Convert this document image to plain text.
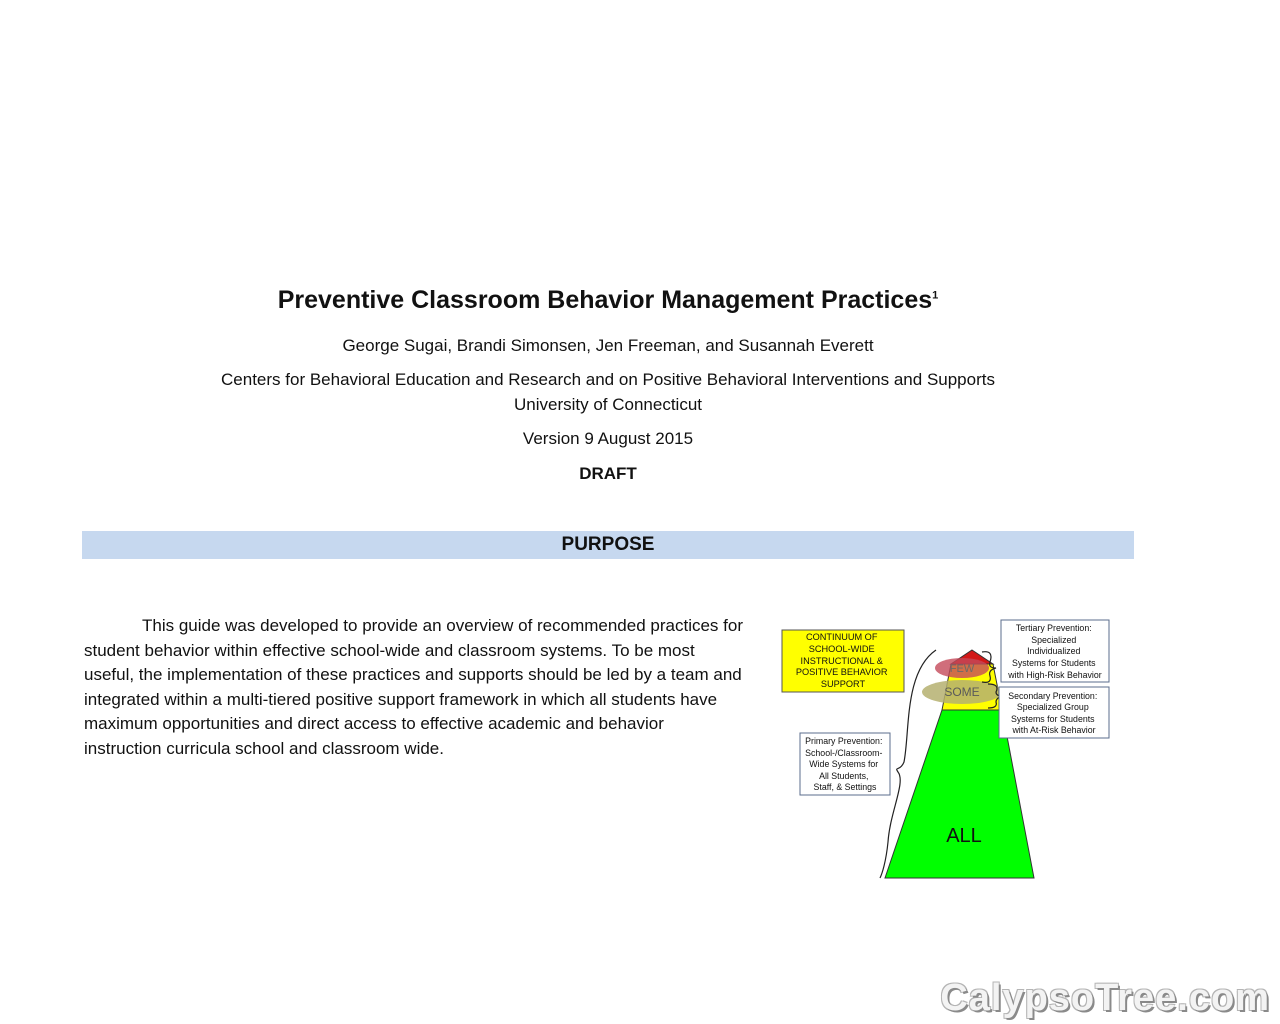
Preventive Classroom Behavior Management Practices$^1$

George Sugai, Brandi Simonsen, Jen Freeman, and Susannah Everett

Centers for Behavioral Education and Research and on Positive Behavioral Interventions and Supports

University of Connecticut

Version 9 August 2015

DRAFT

PURPOSE

This guide was developed to provide an overview of recommended practices for student behavior within effective school-wide and classroom systems. To be most useful, the implementation of these practices and supports should be led by a team and integrated within a multi-tiered positive support framework in which all students have maximum opportunities and direct access to effective academic and behavior instruction curricula school and classroom wide.

CONTINUUM OF SCHOOL-WIDE INSTRUCTIONAL & POSITIVE BEHAVIOR SUPPORT
FEW
SOME
ALL
Tertiary Prevention: Specialized Individualized Systems for Students with High-Risk Behavior
Secondary Prevention: Specialized Group Systems for Students with At-Risk Behavior
Primary Prevention: School-/Classroom- Wide Systems for All Students, Staff, & Settings
CalypsoTree.com
